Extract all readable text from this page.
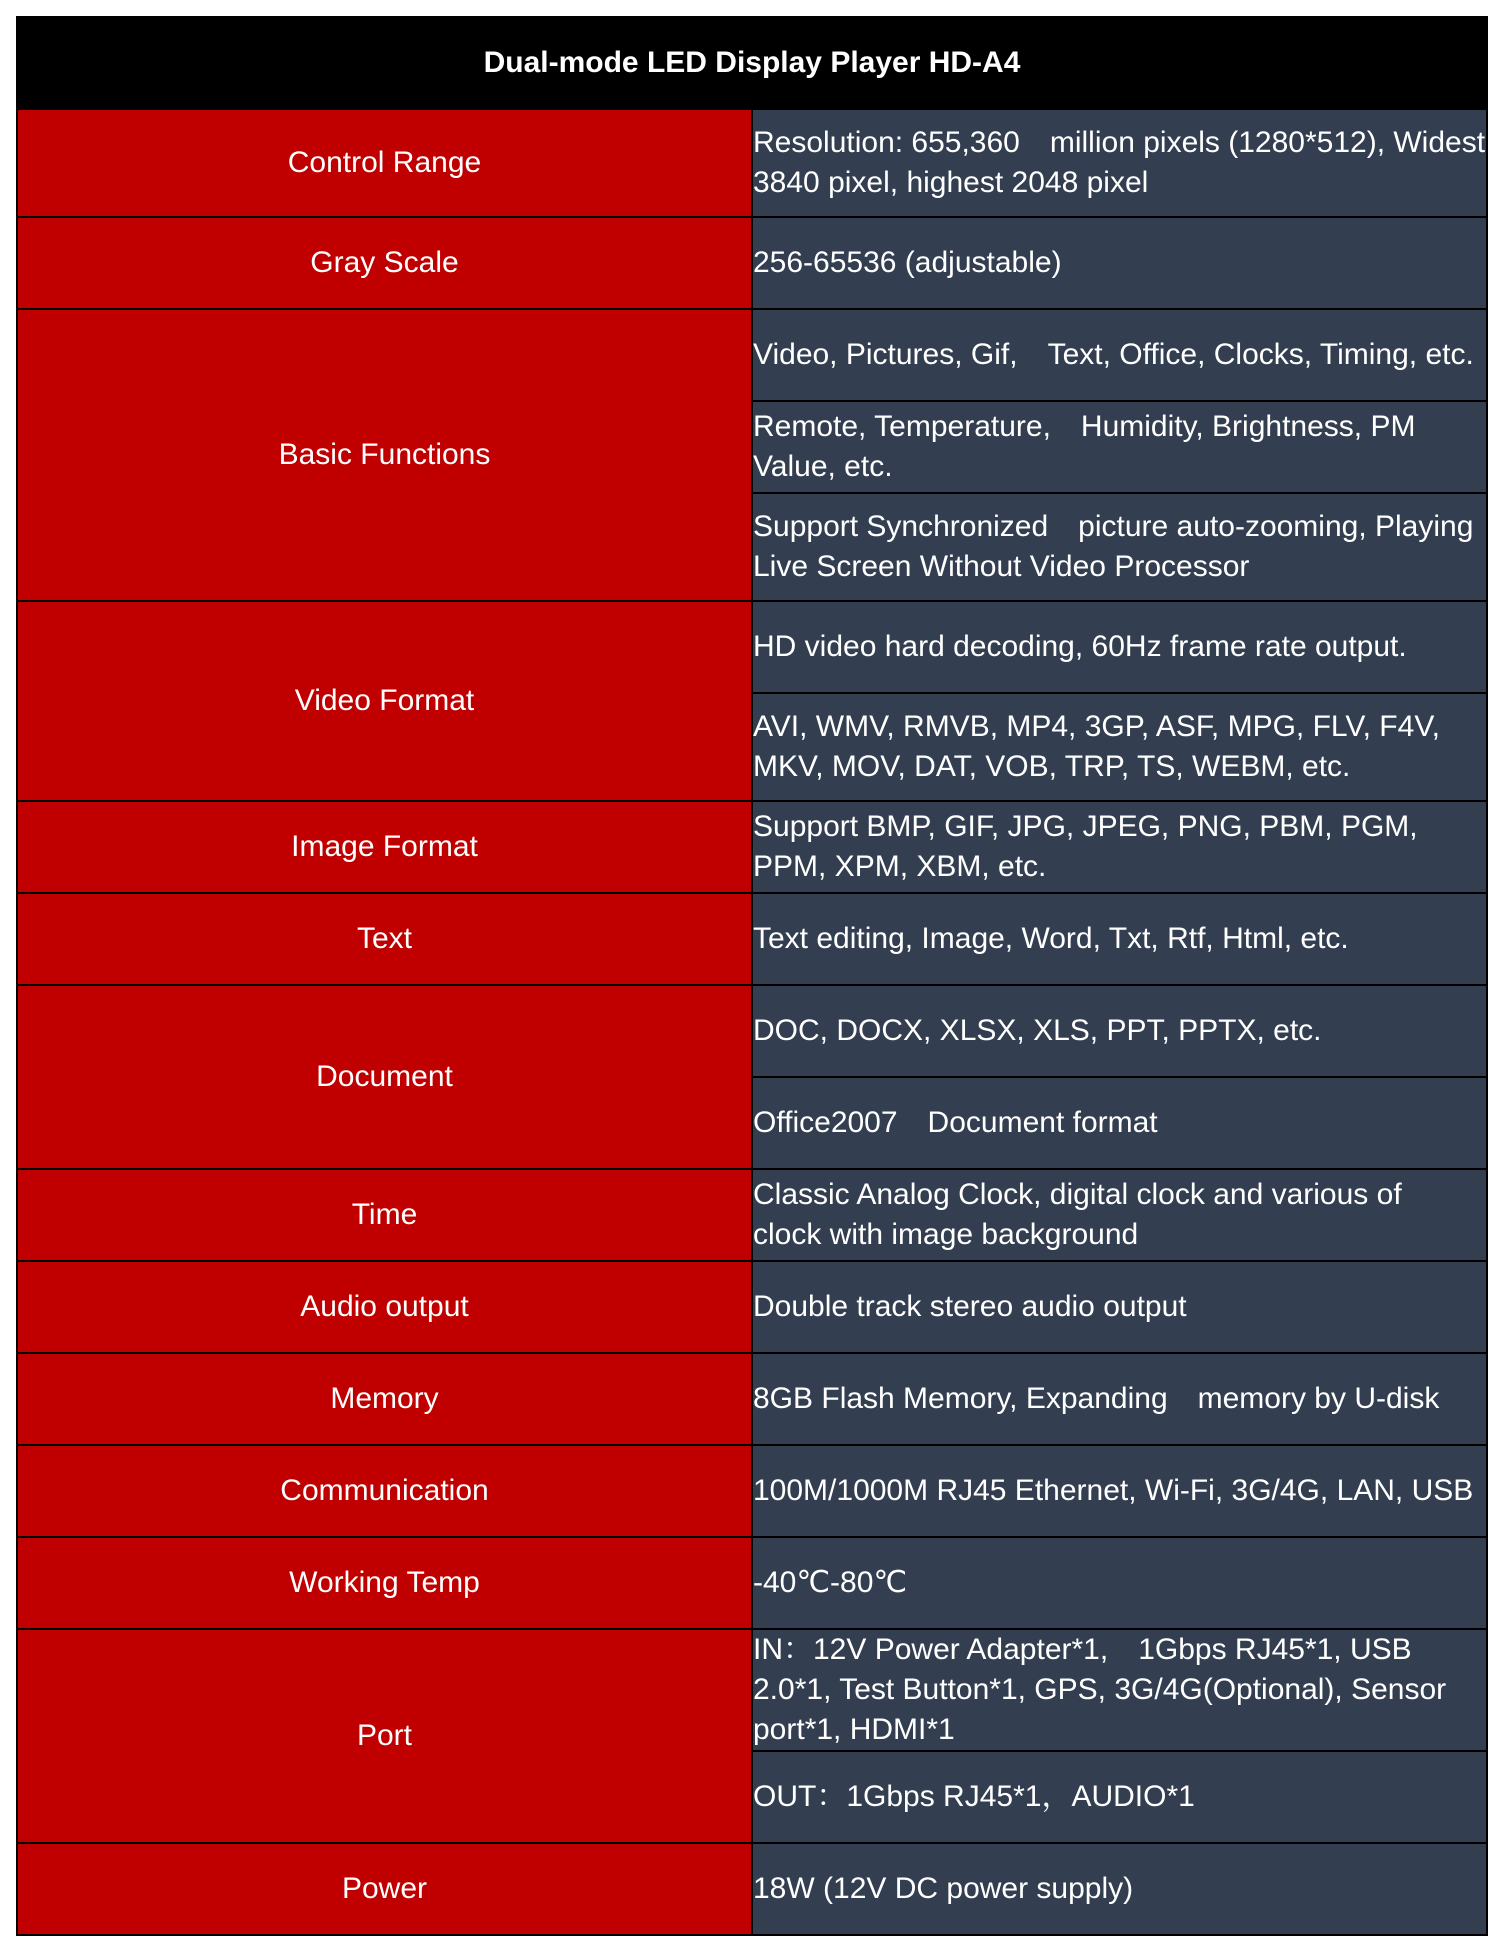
Dual-mode LED Display Player HD-A4	
Control Range	Resolution: 655,360　million pixels (1280*512), Widest 3840 pixel, highest 2048 pixel
Gray Scale	256-65536 (adjustable)
Basic Functions	Video, Pictures, Gif,　Text, Office, Clocks, Timing, etc.
	Remote, Temperature,　Humidity, Brightness, PM Value, etc.
	Support Synchronized　picture auto-zooming, Playing Live Screen Without Video Processor
Video Format	HD video hard decoding, 60Hz frame rate output.
	AVI, WMV, RMVB, MP4, 3GP, ASF, MPG, FLV, F4V,　MKV, MOV, DAT, VOB, TRP, TS, WEBM, etc.
Image Format	Support BMP, GIF, JPG, JPEG, PNG, PBM, PGM, PPM, XPM, XBM, etc.
Text	Text editing, Image, Word, Txt, Rtf, Html, etc.
Document	DOC, DOCX, XLSX, XLS, PPT, PPTX, etc.
	Office2007　Document format
Time	Classic Analog Clock, digital clock and various of　clock with image background
Audio output	Double track stereo audio output
Memory	8GB Flash Memory, Expanding　memory by U-disk
Communication	100M/1000M RJ45 Ethernet, Wi-Fi, 3G/4G, LAN, USB
Working Temp	-40℃-80℃
Port	IN：12V Power Adapter*1,　1Gbps RJ45*1, USB 2.0*1, Test Button*1, GPS, 3G/4G(Optional), Sensor port*1, HDMI*1
	OUT：1Gbps RJ45*1，AUDIO*1
Power	18W (12V DC power supply)
